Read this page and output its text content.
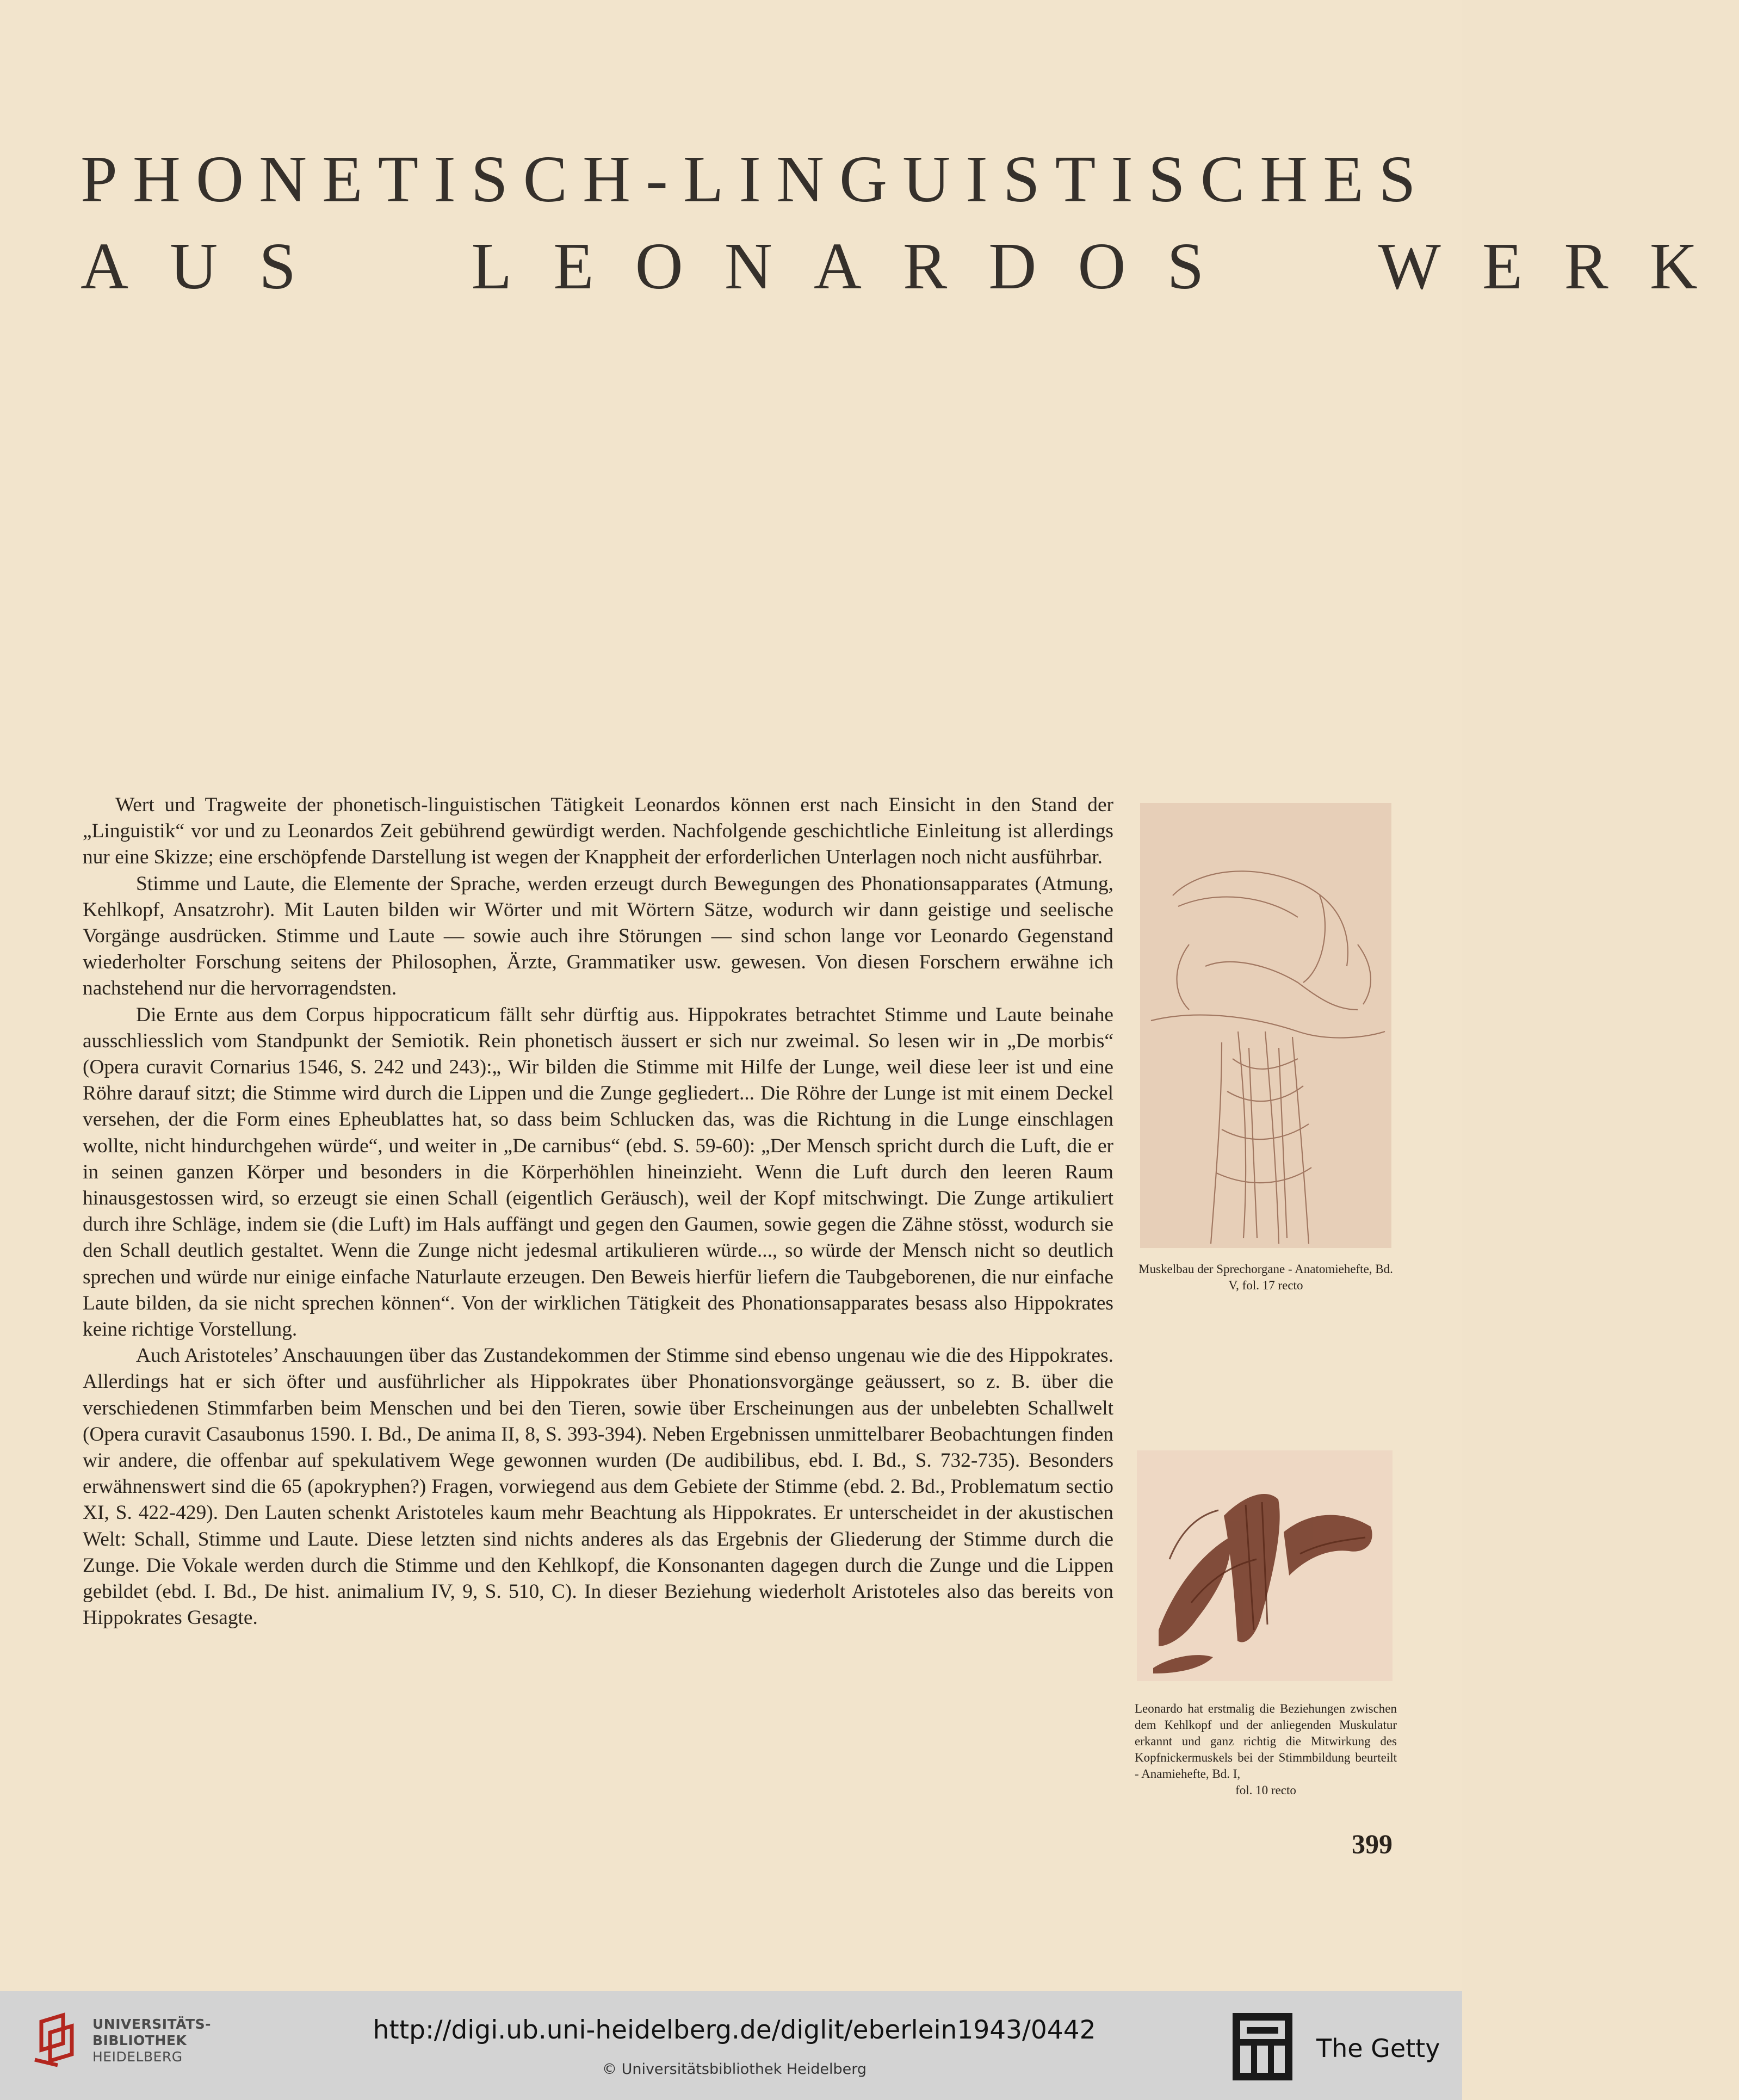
PHONETISCH-LINGUISTISCHES
AUS LEONARDOS WERK

Wert und Tragweite der phonetisch-linguistischen Tätigkeit Leonardos können erst nach Einsicht in den Stand der „Linguistik“ vor und zu Leonardos Zeit gebührend gewürdigt werden. Nachfolgende geschichtliche Einleitung ist allerdings nur eine Skizze; eine erschöpfende Darstellung ist wegen der Knappheit der erforderlichen Unterlagen noch nicht ausführbar.

Stimme und Laute, die Elemente der Sprache, werden erzeugt durch Bewegungen des Phonationsapparates (Atmung, Kehlkopf, Ansatzrohr). Mit Lauten bilden wir Wörter und mit Wörtern Sätze, wodurch wir dann geistige und seelische Vorgänge ausdrücken. Stimme und Laute — sowie auch ihre Störungen — sind schon lange vor Leonardo Gegenstand wiederholter Forschung seitens der Philosophen, Ärzte, Grammatiker usw. gewesen. Von diesen Forschern erwähne ich nachstehend nur die hervorragendsten.

Die Ernte aus dem Corpus hippocraticum fällt sehr dürftig aus. Hippokrates betrachtet Stimme und Laute beinahe ausschliesslich vom Standpunkt der Semiotik. Rein phonetisch äussert er sich nur zweimal. So lesen wir in „De morbis“ (Opera curavit Cornarius 1546, S. 242 und 243):„ Wir bilden die Stimme mit Hilfe der Lunge, weil diese leer ist und eine Röhre darauf sitzt; die Stimme wird durch die Lippen und die Zunge gegliedert... Die Röhre der Lunge ist mit einem Deckel versehen, der die Form eines Epheublattes hat, so dass beim Schlucken das, was die Richtung in die Lunge einschlagen wollte, nicht hindurchgehen würde“, und weiter in „De carnibus“ (ebd. S. 59-60): „Der Mensch spricht durch die Luft, die er in seinen ganzen Körper und besonders in die Körperhöhlen hineinzieht. Wenn die Luft durch den leeren Raum hinausgestossen wird, so erzeugt sie einen Schall (eigentlich Geräusch), weil der Kopf mitschwingt. Die Zunge artikuliert durch ihre Schläge, indem sie (die Luft) im Hals auffängt und gegen den Gaumen, sowie gegen die Zähne stösst, wodurch sie den Schall deutlich gestaltet. Wenn die Zunge nicht jedesmal artikulieren würde..., so würde der Mensch nicht so deutlich sprechen und würde nur einige einfache Naturlaute erzeugen. Den Beweis hierfür liefern die Taubgeborenen, die nur einfache Laute bilden, da sie nicht sprechen können“. Von der wirklichen Tätigkeit des Phonationsapparates besass also Hippokrates keine richtige Vorstellung.

Auch Aristoteles’ Anschauungen über das Zustandekommen der Stimme sind ebenso ungenau wie die des Hippokrates. Allerdings hat er sich öfter und ausführlicher als Hippokrates über Phonationsvorgänge geäussert, so z. B. über die verschiedenen Stimmfarben beim Menschen und bei den Tieren, sowie über Erscheinungen aus der unbelebten Schallwelt (Opera curavit Casaubonus 1590. I. Bd., De anima II, 8, S. 393-394). Neben Ergebnissen unmittelbarer Beobachtungen finden wir andere, die offenbar auf spekulativem Wege gewonnen wurden (De audibilibus, ebd. I. Bd., S. 732-735). Besonders erwähnenswert sind die 65 (apokryphen?) Fragen, vorwiegend aus dem Gebiete der Stimme (ebd. 2. Bd., Problematum sectio XI, S. 422-429). Den Lauten schenkt Aristoteles kaum mehr Beachtung als Hippokrates. Er unterscheidet in der akustischen Welt: Schall, Stimme und Laute. Diese letzten sind nichts anderes als das Ergebnis der Gliederung der Stimme durch die Zunge. Die Vokale werden durch die Stimme und den Kehlkopf, die Konsonanten dagegen durch die Zunge und die Lippen gebildet (ebd. I. Bd., De hist. animalium IV, 9, S. 510, C). In dieser Beziehung wiederholt Aristoteles also das bereits von Hippokrates Gesagte.

Muskelbau der Sprechorgane - Anatomiehefte, Bd. V, fol. 17 recto
Leonardo hat erstmalig die Beziehungen zwischen dem Kehlkopf und der anliegenden Muskulatur erkannt und ganz richtig die Mitwirkung des Kopfnickermuskels bei der Stimmbildung beurteilt - Anamiehefte, Bd. I,
fol. 10 recto
399
UNIVERSITÄTS-
BIBLIOTHEK
HEIDELBERG
http://digi.ub.uni-heidelberg.de/diglit/eberlein1943/0442
© Universitätsbibliothek Heidelberg
The Getty
